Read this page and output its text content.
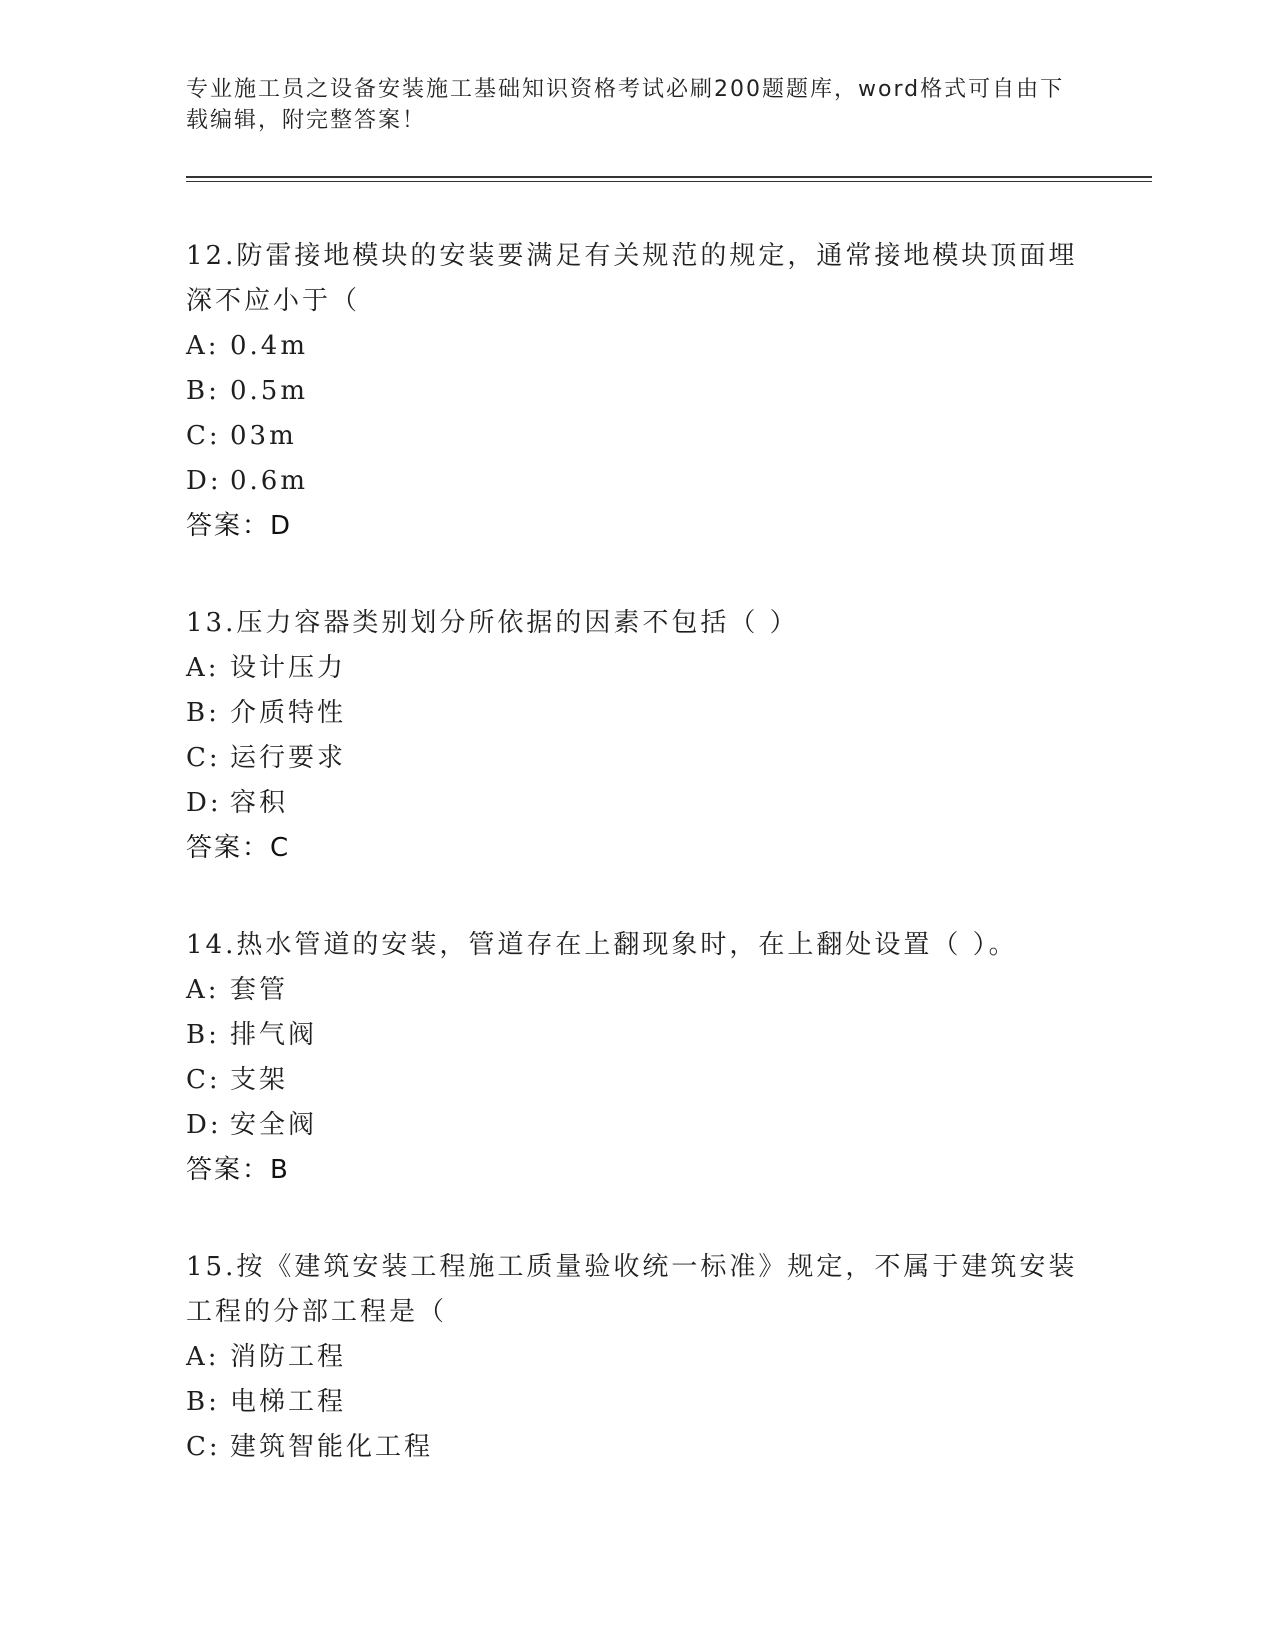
专业施工员之设备安装施工基础知识资格考试必刷200题题库，word格式可自由下载编辑，附完整答案！

12.防雷接地模块的安装要满足有关规范的规定，通常接地模块顶面埋深不应小于（

A: 0.4m

B: 0.5m

C: 03m

D: 0.6m

答案：D

13.压力容器类别划分所依据的因素不包括（ ）

A: 设计压力

B: 介质特性

C: 运行要求

D: 容积

答案：C

14.热水管道的安装，管道存在上翻现象时，在上翻处设置（ ）。

A: 套管

B: 排气阀

C: 支架

D: 安全阀

答案：B

15.按《建筑安装工程施工质量验收统一标准》规定，不属于建筑安装工程的分部工程是（

A: 消防工程

B: 电梯工程

C: 建筑智能化工程
